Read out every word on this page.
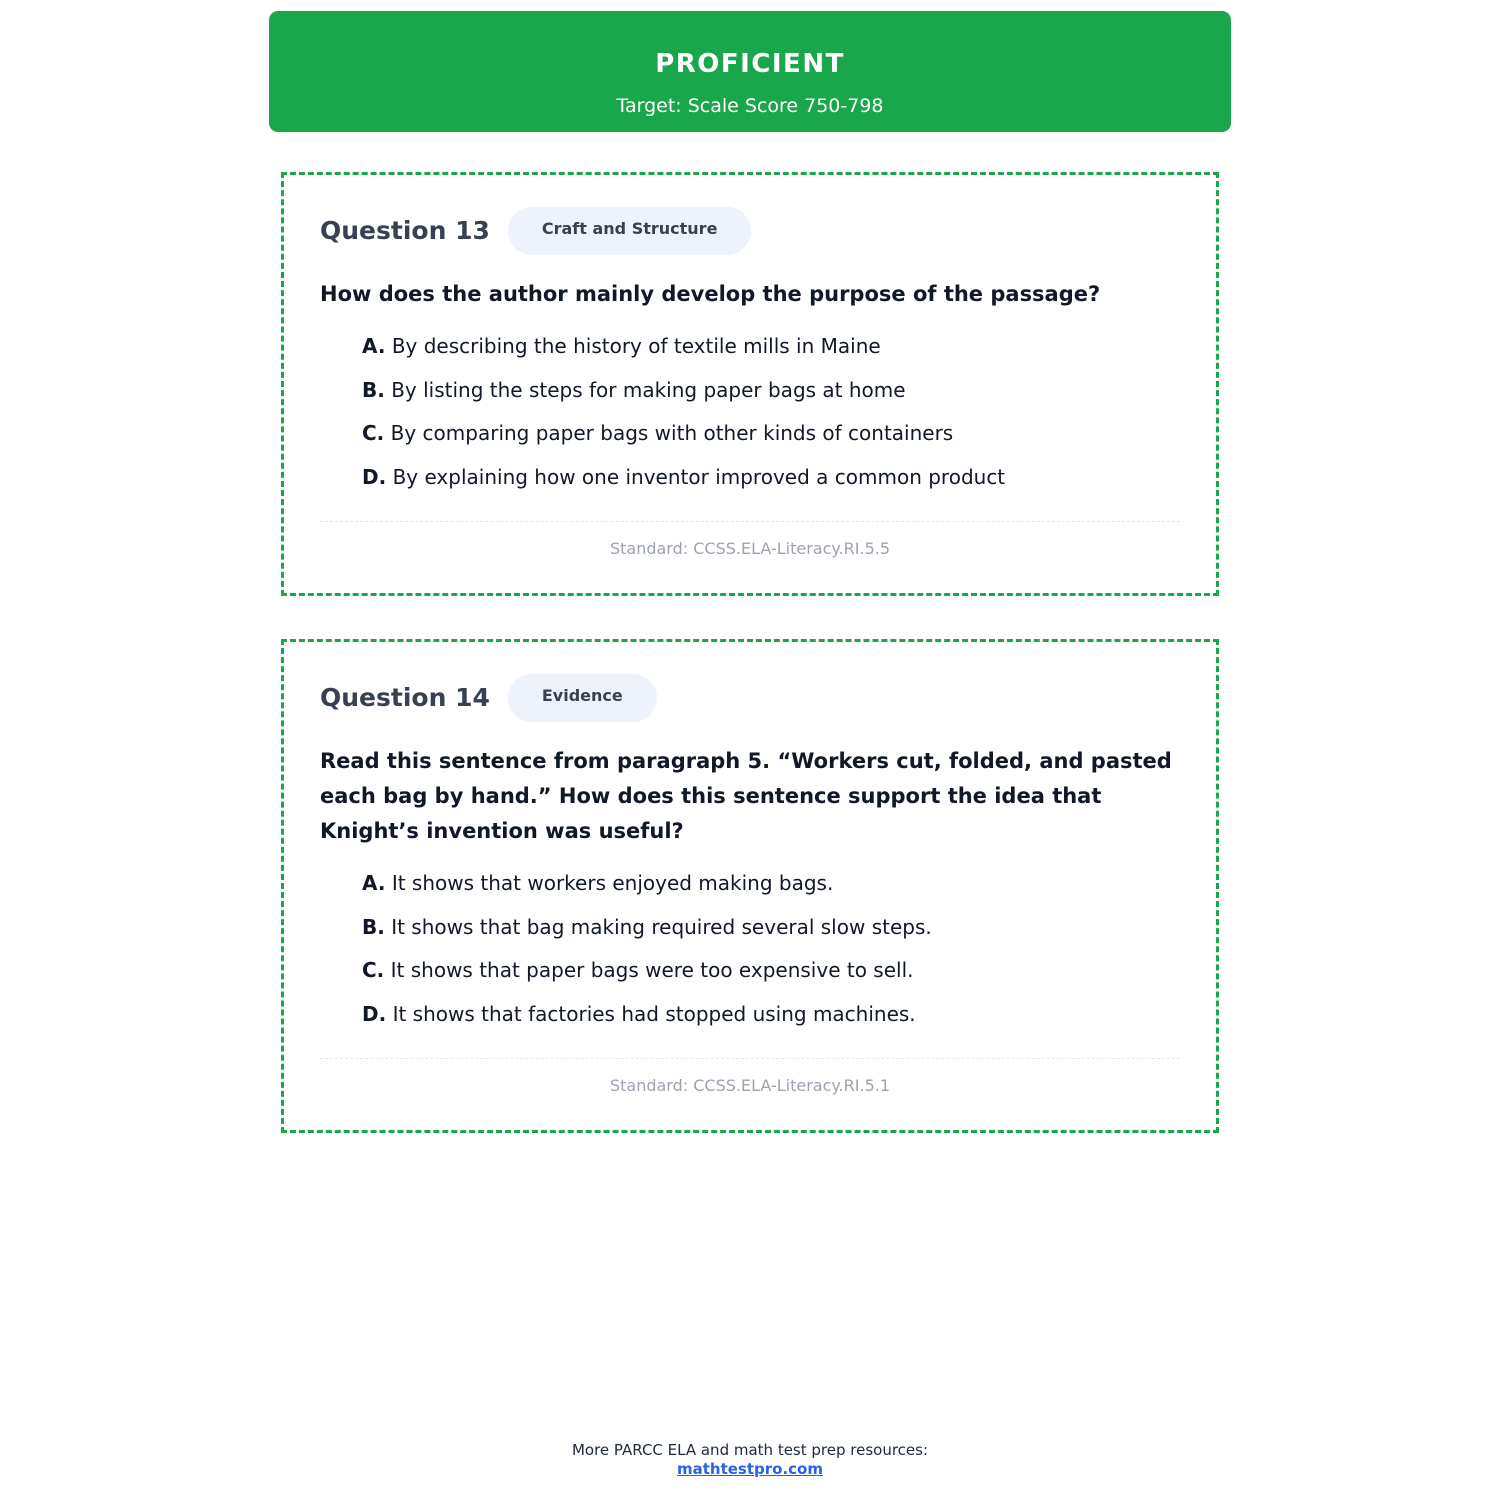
PROFICIENT
Target: Scale Score 750-798
Question 13	Craft and Structure
How does the author mainly develop the purpose of the passage?
A. By describing the history of textile mills in Maine
B. By listing the steps for making paper bags at home
C. By comparing paper bags with other kinds of containers
D. By explaining how one inventor improved a common product
Standard: CCSS.ELA-Literacy.RI.5.5
Question 14	Evidence
Read this sentence from paragraph 5. “Workers cut, folded, and pasted each bag by hand.” How does this sentence support the idea that Knight’s invention was useful?
A. It shows that workers enjoyed making bags.
B. It shows that bag making required several slow steps.
C. It shows that paper bags were too expensive to sell.
D. It shows that factories had stopped using machines.
Standard: CCSS.ELA-Literacy.RI.5.1
More PARCC ELA and math test prep resources:
mathtestpro.com
